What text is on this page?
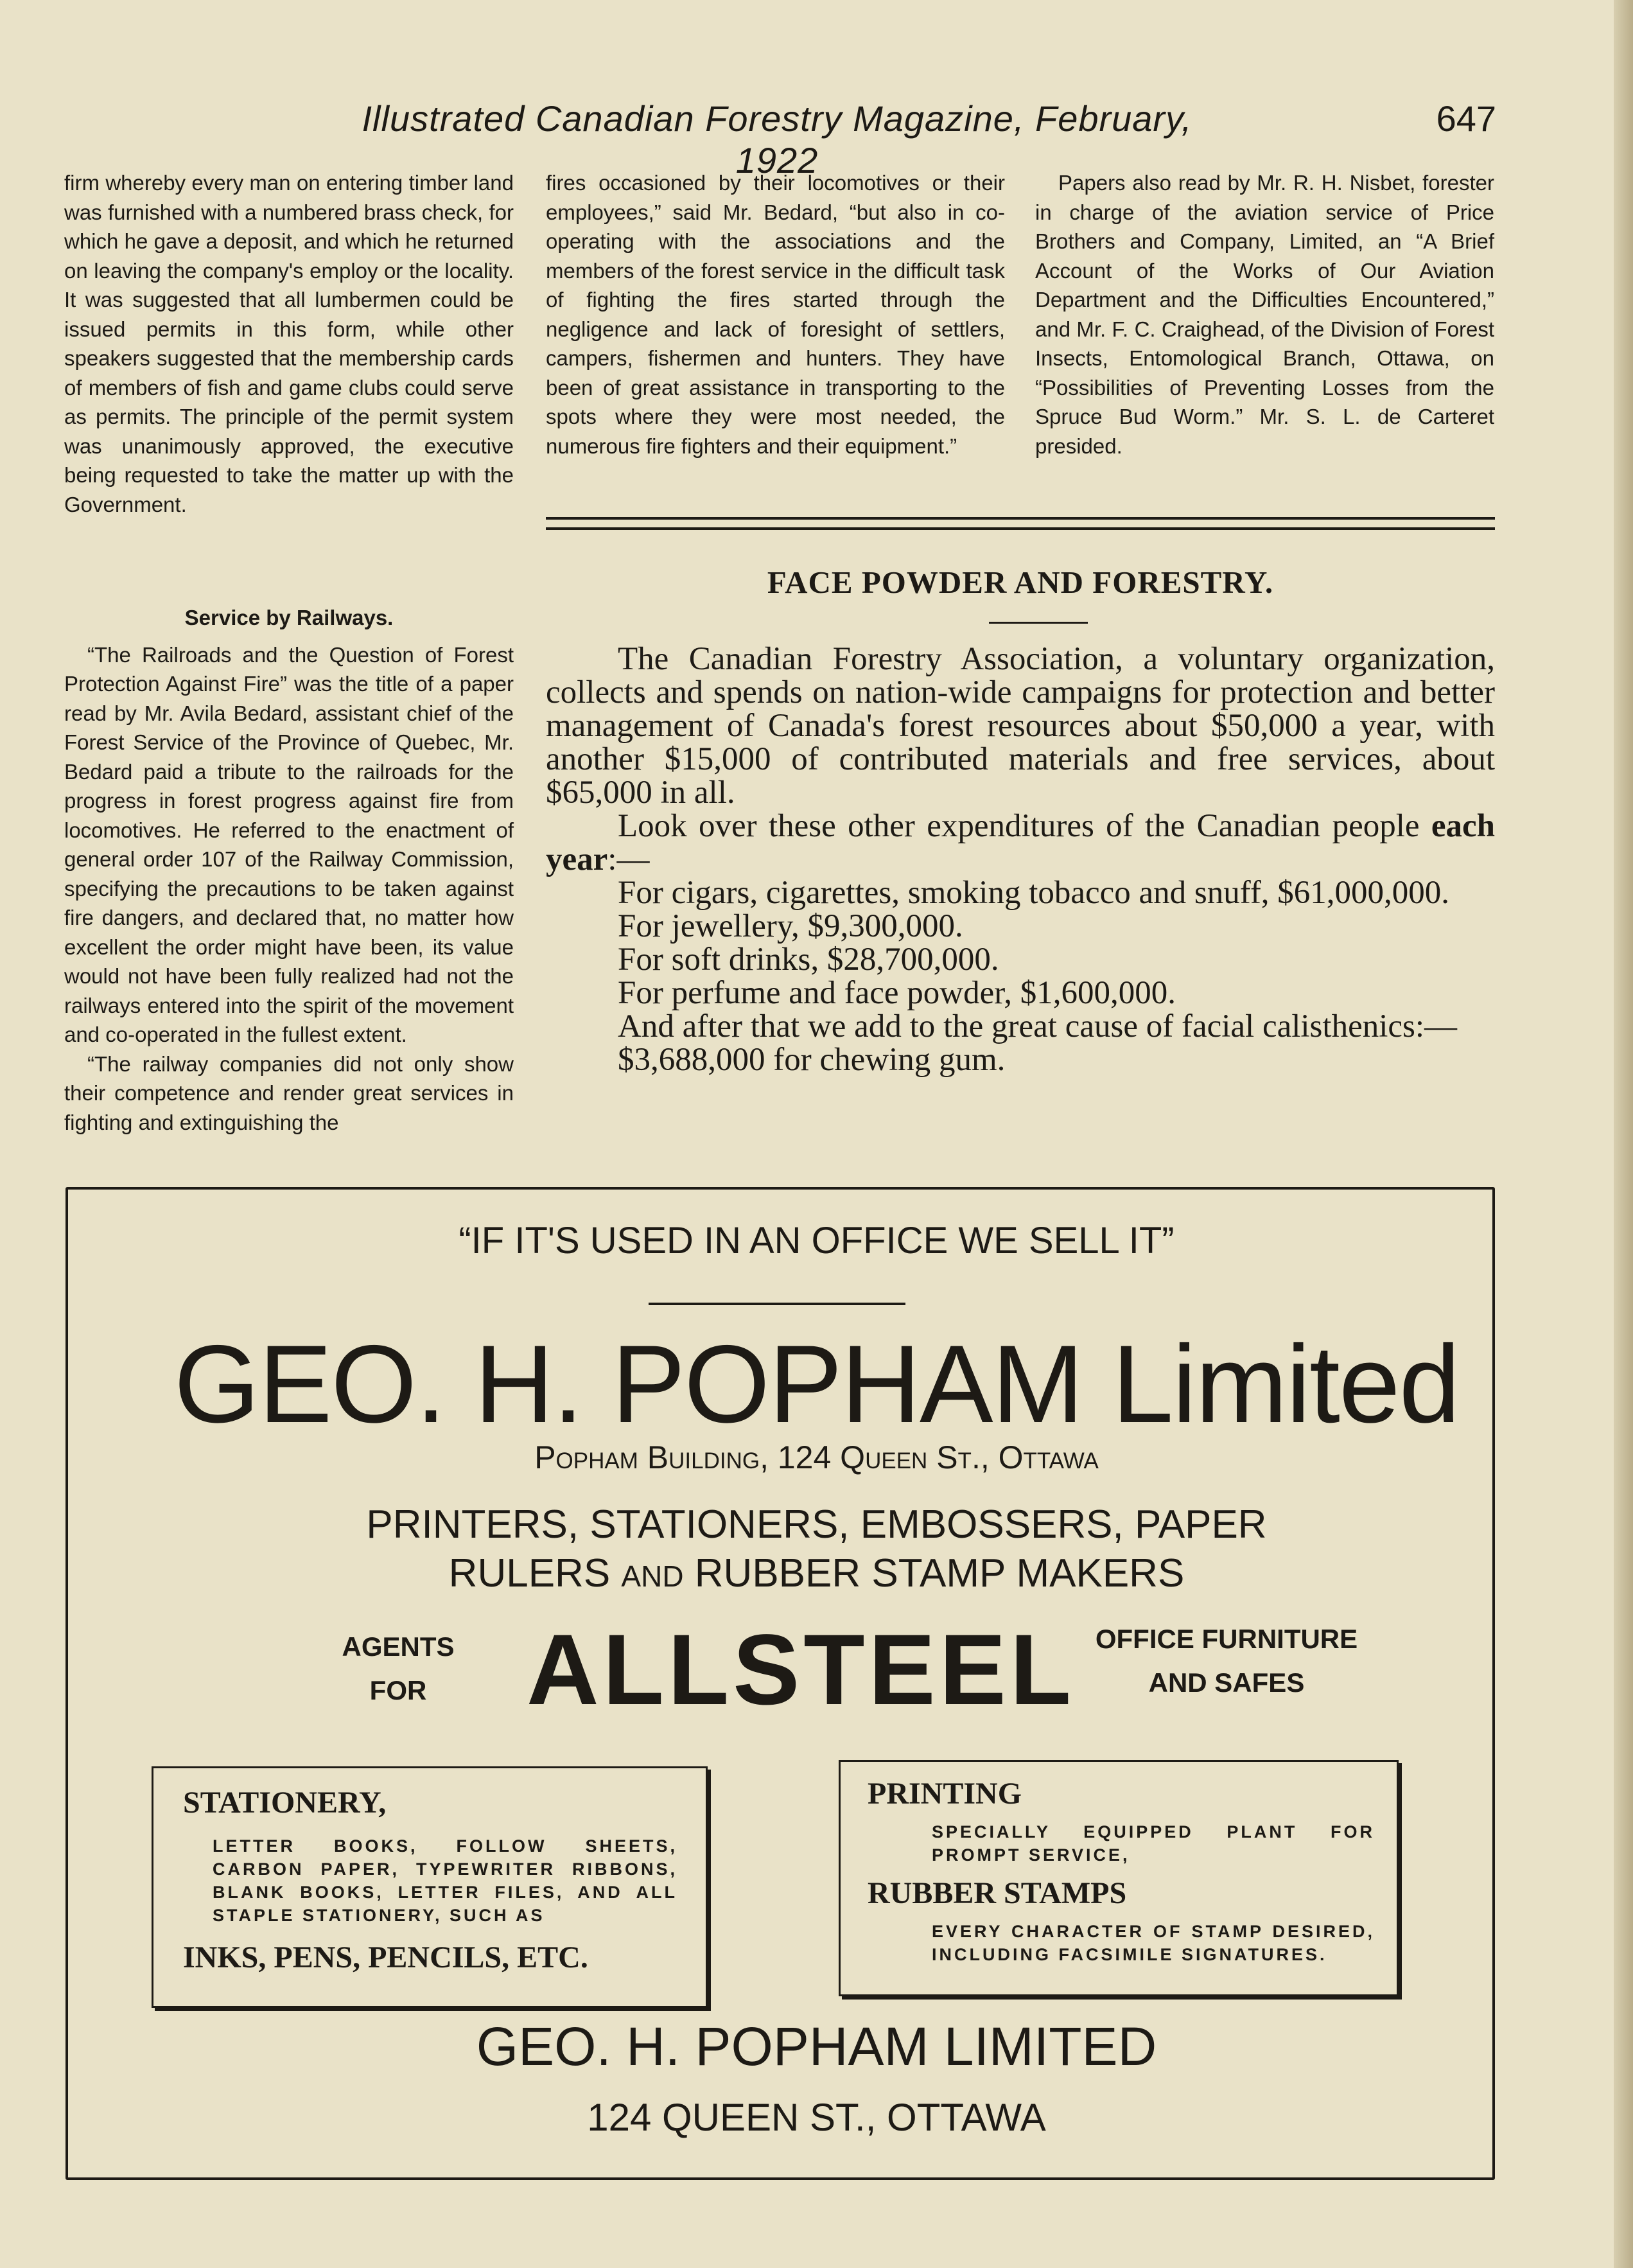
Illustrated Canadian Forestry Magazine, February, 1922
647

firm whereby every man on entering timber land was furnished with a numbered brass check, for which he gave a deposit, and which he returned on leaving the company's employ or the locality. It was suggested that all lumbermen could be issued permits in this form, while other speakers suggested that the membership cards of members of fish and game clubs could serve as permits. The principle of the permit system was unanimously approved, the executive being requested to take the matter up with the Government.

Service by Railways.

“The Railroads and the Question of Forest Protection Against Fire” was the title of a paper read by Mr. Avila Bedard, assistant chief of the Forest Service of the Province of Quebec, Mr. Bedard paid a tribute to the railroads for the progress in forest progress against fire from locomotives. He referred to the enactment of general order 107 of the Railway Commission, specifying the precautions to be taken against fire dangers, and declared that, no matter how excellent the order might have been, its value would not have been fully realized had not the railways entered into the spirit of the movement and co-operated in the fullest extent.

“The railway companies did not only show their competence and render great services in fighting and extinguishing the

fires occasioned by their locomotives or their employees,” said Mr. Bedard, “but also in co-operating with the associations and the members of the forest service in the difficult task of fighting the fires started through the negligence and lack of foresight of settlers, campers, fishermen and hunters. They have been of great assistance in transporting to the spots where they were most needed, the numerous fire fighters and their equipment.”

Papers also read by Mr. R. H. Nisbet, forester in charge of the aviation service of Price Brothers and Company, Limited, an “A Brief Account of the Works of Our Aviation Department and the Difficulties Encountered,” and Mr. F. C. Craighead, of the Division of Forest Insects, Entomological Branch, Ottawa, on “Possibilities of Preventing Losses from the Spruce Bud Worm.” Mr. S. L. de Carteret presided.

FACE POWDER AND FORESTRY.

The Canadian Forestry Association, a voluntary organization, collects and spends on nation-wide campaigns for protection and better management of Canada's forest resources about $50,000 a year, with another $15,000 of contributed materials and free services, about $65,000 in all.

Look over these other expenditures of the Canadian people each year:—

For cigars, cigarettes, smoking tobacco and snuff, $61,000,000.

For jewellery, $9,300,000.

For soft drinks, $28,700,000.

For perfume and face powder, $1,600,000.

And after that we add to the great cause of facial calisthenics:—

$3,688,000 for chewing gum.

“IF IT'S USED IN AN OFFICE WE SELL IT”
GEO. H. POPHAM Limited
Popham Building, 124 Queen St., Ottawa
PRINTERS, STATIONERS, EMBOSSERS, PAPER
RULERS AND RUBBER STAMP MAKERS
AGENTS
FOR ALLSTEEL OFFICE FURNITURE
AND SAFES
STATIONERY,

LETTER BOOKS, FOLLOW SHEETS, CARBON PAPER, TYPEWRITER RIBBONS, BLANK BOOKS, LETTER FILES, AND ALL STAPLE STATIONERY, SUCH AS

INKS, PENS, PENCILS, ETC.
PRINTING

SPECIALLY EQUIPPED PLANT FOR PROMPT SERVICE,

RUBBER STAMPS

EVERY CHARACTER OF STAMP DESIRED, INCLUDING FACSIMILE SIGNATURES.

GEO. H. POPHAM LIMITED
124 QUEEN ST., OTTAWA
